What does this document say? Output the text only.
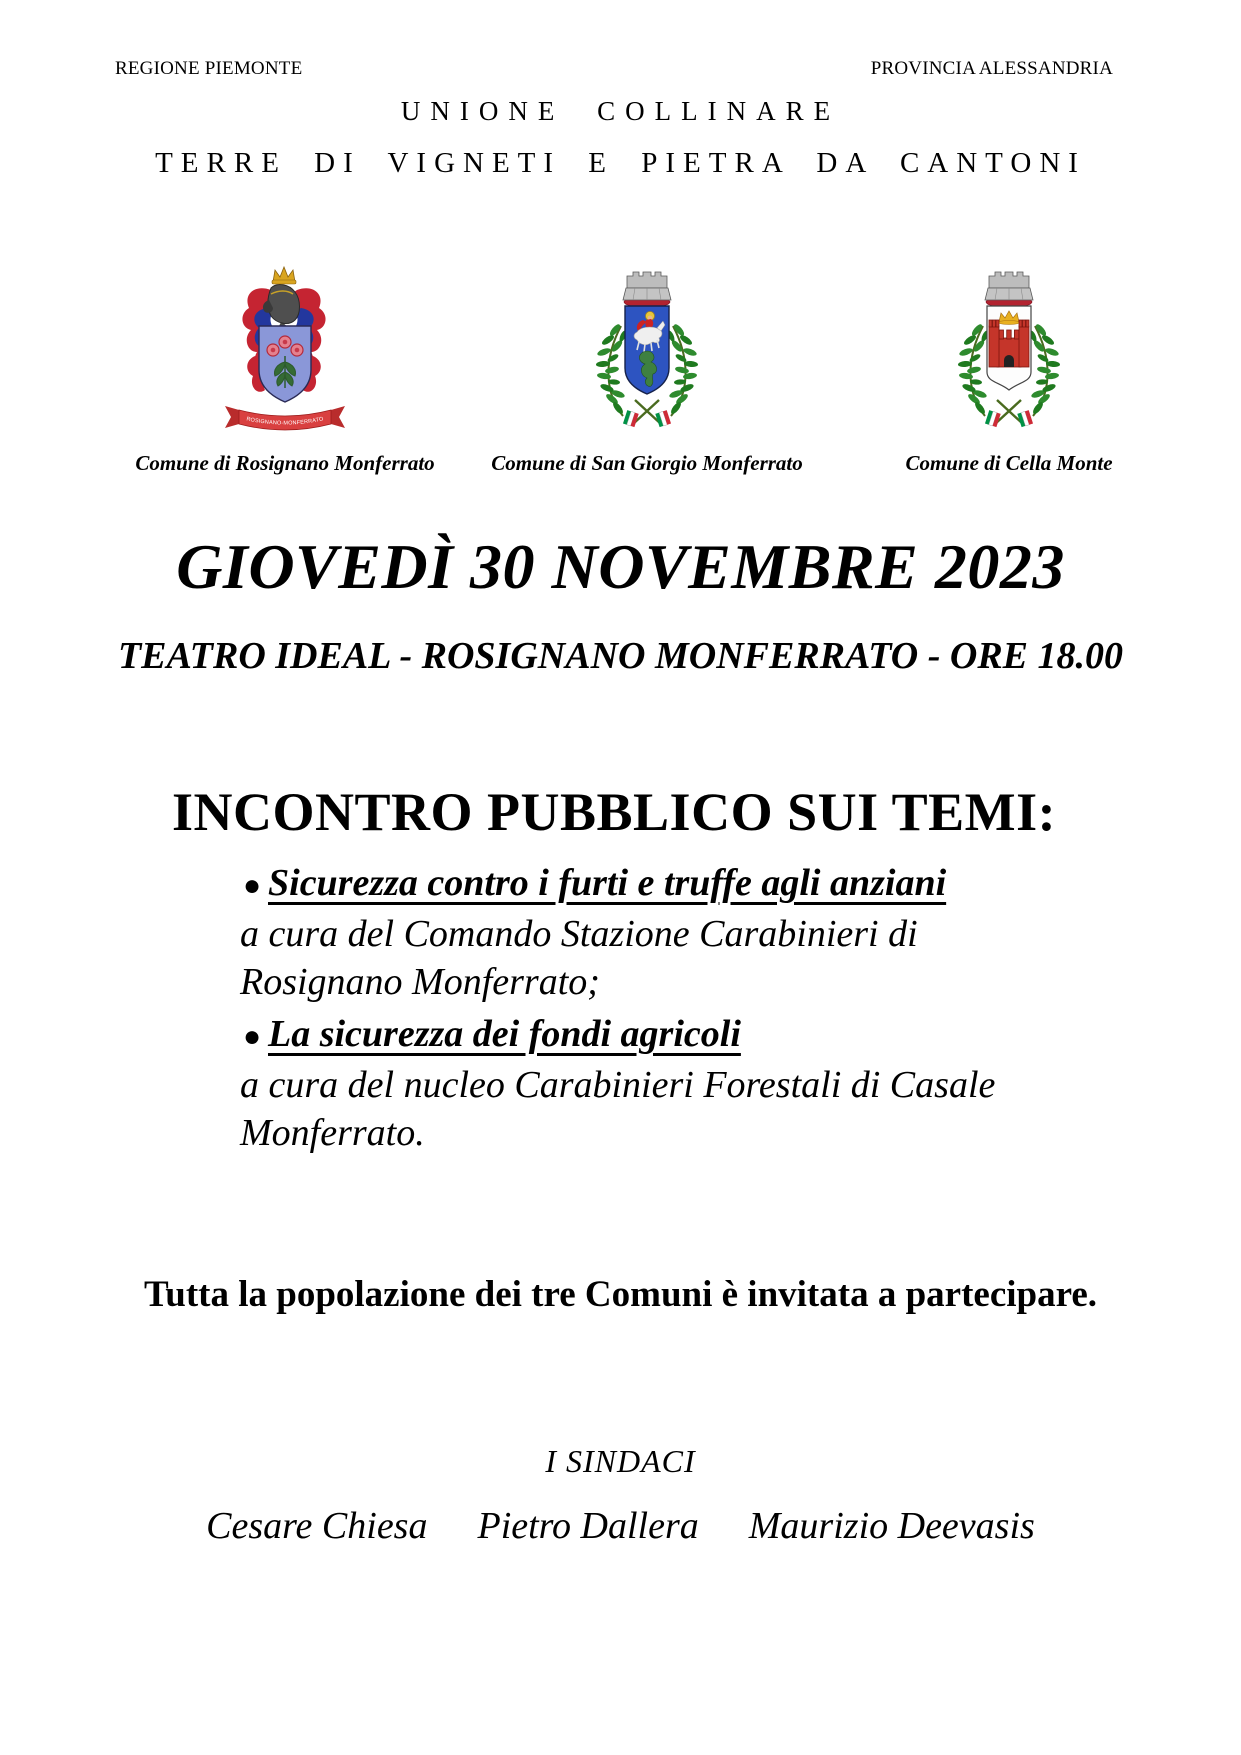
REGIONE PIEMONTE	PROVINCIA ALESSANDRIA
UNIONE COLLINARE
TERRE DI VIGNETI E PIETRA DA CANTONI
ROSIGNANO-MONFERRATO
Comune di Rosignano Monferrato	Comune di San Giorgio Monferrato	Comune di Cella Monte
GIOVEDÌ 30 NOVEMBRE 2023
TEATRO IDEAL - ROSIGNANO MONFERRATO - ORE 18.00
INCONTRO PUBBLICO SUI TEMI:
● Sicurezza contro i furti e truffe agli anziani
a cura del Comando Stazione Carabinieri di
Rosignano Monferrato;
● La sicurezza dei fondi agricoli
a cura del nucleo Carabinieri Forestali di Casale
Monferrato.
Tutta la popolazione dei tre Comuni è invitata a partecipare.
I SINDACI
Cesare Chiesa Pietro Dallera Maurizio Deevasis
